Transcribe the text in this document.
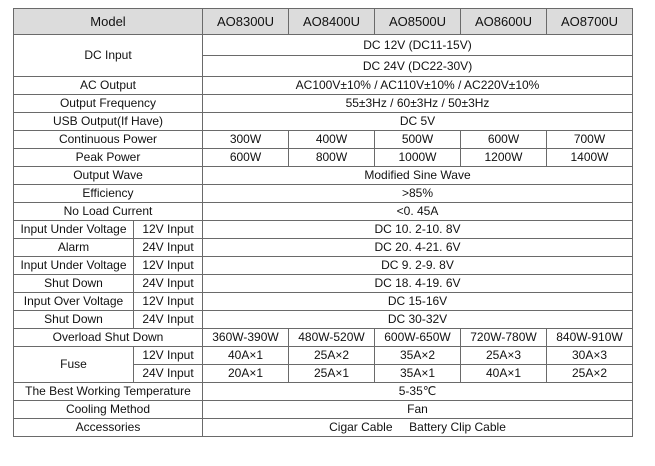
Model		AO8300U	AO8400U	AO8500U	AO8600U	AO8700U
DC Input		DC 12V (DC11-15V)				
		DC 24V (DC22-30V)				
AC Output		AC100V±10% / AC110V±10% / AC220V±10%				
Output Frequency		55±3Hz / 60±3Hz / 50±3Hz				
USB Output(If Have)		DC 5V				
Continuous Power		300W	400W	500W	600W	700W
Peak Power		600W	800W	1000W	1200W	1400W
Output Wave		Modified Sine Wave				
Efficiency		>85%				
No Load Current		<0. 45A				
Input Under Voltage	12V Input	DC 10. 2-10. 8V				
Alarm	24V Input	DC 20. 4-21. 6V				
Input Under Voltage	12V Input	DC 9. 2-9. 8V				
Shut Down	24V Input	DC 18. 4-19. 6V				
Input Over Voltage	12V Input	DC 15-16V				
Shut Down	24V Input	DC 30-32V				
Overload Shut Down		360W-390W	480W-520W	600W-650W	720W-780W	840W-910W
Fuse	12V Input	40A×1	25A×2	35A×2	25A×3	30A×3
	24V Input	20A×1	25A×1	35A×1	40A×1	25A×2
The Best Working Temperature		5-35℃				
Cooling Method		Fan				
Accessories		Cigar Cable     Battery Clip Cable				
